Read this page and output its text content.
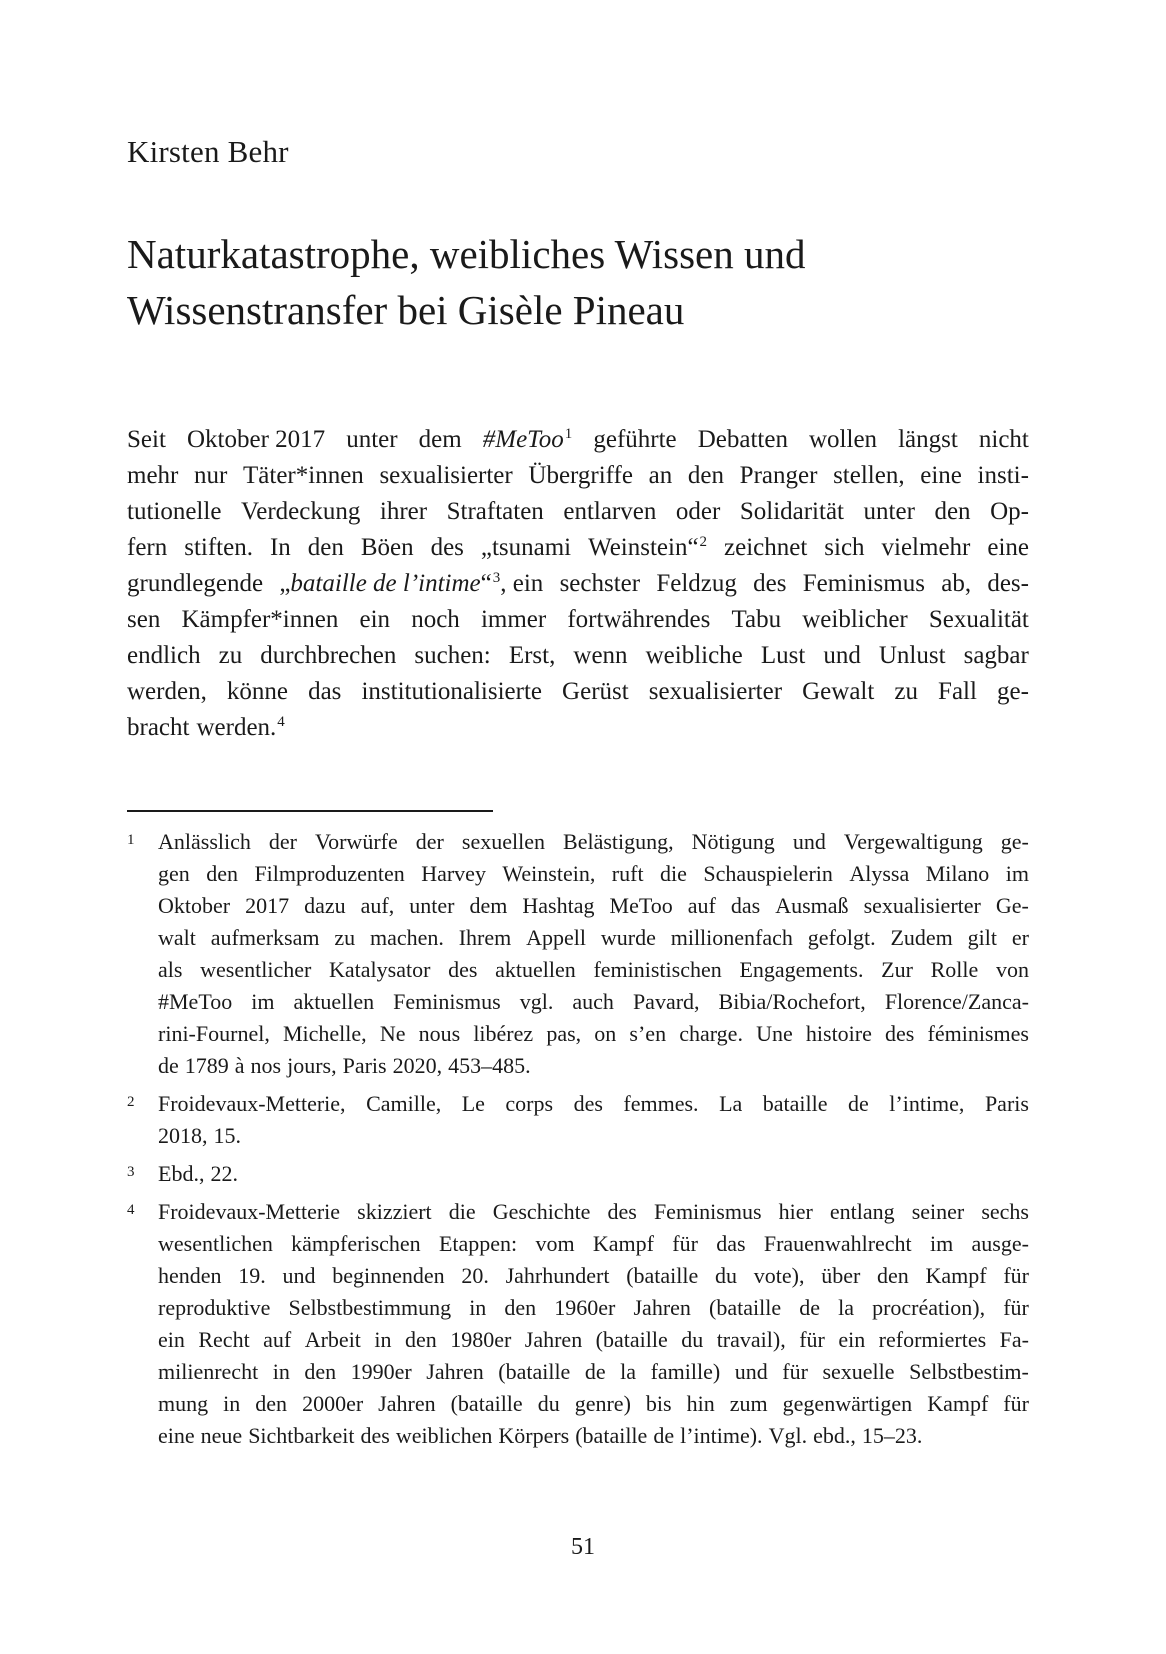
Kirsten Behr
Naturkatastrophe, weibliches Wissen und
Wissenstransfer bei Gisèle Pineau
Seit Oktober 2017 unter dem #MeToo$^1$ geführte Debatten wollen längst nicht
mehr nur Täter*innen sexualisierter Übergriffe an den Pranger stellen, eine insti-
tutionelle Verdeckung ihrer Straftaten entlarven oder Solidarität unter den Op-
fern stiften. In den Böen des „tsunami Weinstein“$^2$ zeichnet sich vielmehr eine
grundlegende „bataille de l’intime“$^3$, ein sechster Feldzug des Feminismus ab, des-
sen Kämpfer*innen ein noch immer fortwährendes Tabu weiblicher Sexualität
endlich zu durchbrechen suchen: Erst, wenn weibliche Lust und Unlust sagbar
werden, könne das institutionalisierte Gerüst sexualisierter Gewalt zu Fall ge-
bracht werden.$^4$
1 Anlässlich der Vorwürfe der sexuellen Belästigung, Nötigung und Vergewaltigung ge-
gen den Filmproduzenten Harvey Weinstein, ruft die Schauspielerin Alyssa Milano im
Oktober 2017 dazu auf, unter dem Hashtag MeToo auf das Ausmaß sexualisierter Ge-
walt aufmerksam zu machen. Ihrem Appell wurde millionenfach gefolgt. Zudem gilt er
als wesentlicher Katalysator des aktuellen feministischen Engagements. Zur Rolle von
#MeToo im aktuellen Feminismus vgl. auch Pavard, Bibia/Rochefort, Florence/Zanca-
rini-Fournel, Michelle, Ne nous libérez pas, on s’en charge. Une histoire des féminismes
de 1789 à nos jours, Paris 2020, 453–485.
2 Froidevaux-Metterie, Camille, Le corps des femmes. La bataille de l’intime, Paris
2018, 15.
3 Ebd., 22.
4 Froidevaux-Metterie skizziert die Geschichte des Feminismus hier entlang seiner sechs
wesentlichen kämpferischen Etappen: vom Kampf für das Frauenwahlrecht im ausge-
henden 19. und beginnenden 20. Jahrhundert (bataille du vote), über den Kampf für
reproduktive Selbstbestimmung in den 1960er Jahren (bataille de la procréation), für
ein Recht auf Arbeit in den 1980er Jahren (bataille du travail), für ein reformiertes Fa-
milienrecht in den 1990er Jahren (bataille de la famille) und für sexuelle Selbstbestim-
mung in den 2000er Jahren (bataille du genre) bis hin zum gegenwärtigen Kampf für
eine neue Sichtbarkeit des weiblichen Körpers (bataille de l’intime). Vgl. ebd., 15–23.
51
